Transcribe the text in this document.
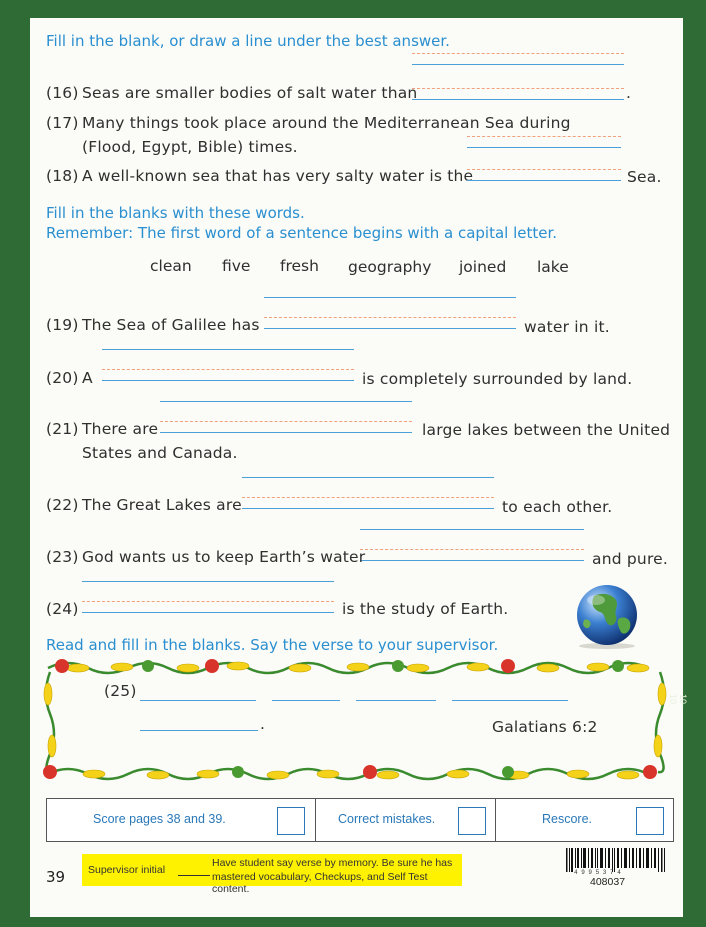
Fill in the blank, or draw a line under the best answer.
(16) Seas are smaller bodies of salt water than	.
(17) Many things took place around the Mediterranean Sea during
(Flood, Egypt, Bible) times.
(18) A well-known sea that has very salty water is the	Sea.
Fill in the blanks with these words.
Remember: The first word of a sentence begins with a capital letter.
clean five fresh geography joined lake
(19) The Sea of Galilee has	water in it.
(20) A	is completely surrounded by land.
(21) There are	large lakes between the United
States and Canada.
(22) The Great Lakes are	to each other.
(23) God wants us to keep Earth’s water	and pure.
(24)	is the study of Earth.
Read and fill in the blanks. Say the verse to your supervisor.
(25)
.	Galatians 6:2
Score pages 38 and 39.	Correct mistakes.	Rescore.
39 Supervisor initial
Have student say verse by memory. Be sure he has
mastered vocabulary, Checkups, and Self Test content.
4 9 9 5 3 7 4
408037
10-10
